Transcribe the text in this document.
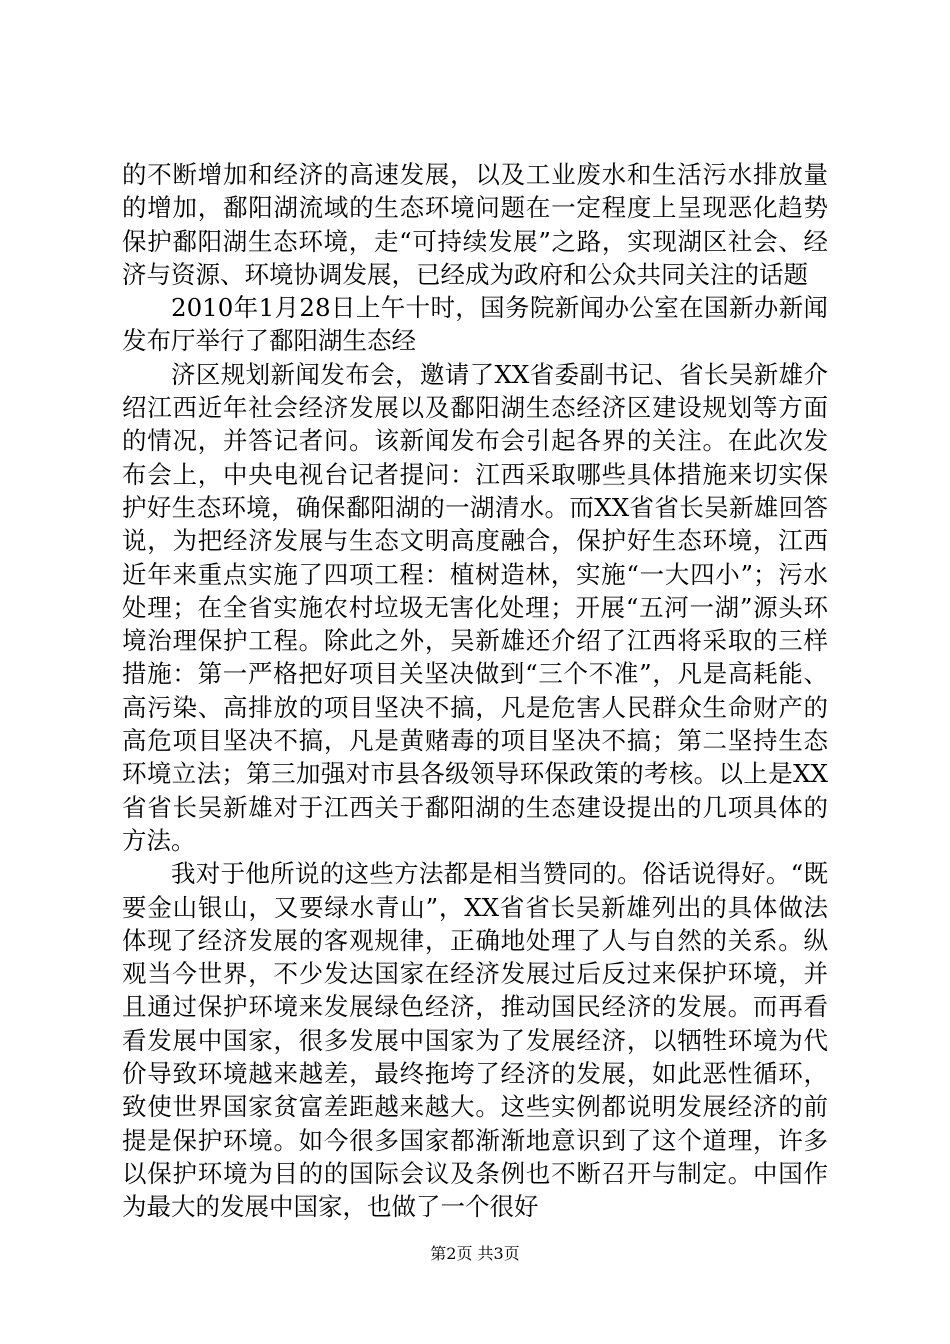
的不断增加和经济的高速发展，以及工业废水和生活污水排放量的增加，鄱阳湖流域的生态环境问题在一定程度上呈现恶化趋势保护鄱阳湖生态环境，走“可持续发展”之路，实现湖区社会、经济与资源、环境协调发展，已经成为政府和公众共同关注的话题

2010年1月28日上午十时，国务院新闻办公室在国新办新闻发布厅举行了鄱阳湖生态经

济区规划新闻发布会，邀请了XX省委副书记、省长吴新雄介绍江西近年社会经济发展以及鄱阳湖生态经济区建设规划等方面的情况，并答记者问。该新闻发布会引起各界的关注。在此次发布会上，中央电视台记者提问：江西采取哪些具体措施来切实保护好生态环境，确保鄱阳湖的一湖清水。而XX省省长吴新雄回答说，为把经济发展与生态文明高度融合，保护好生态环境，江西近年来重点实施了四项工程：植树造林，实施“一大四小”；污水处理；在全省实施农村垃圾无害化处理；开展“五河一湖”源头环境治理保护工程。除此之外，吴新雄还介绍了江西将采取的三样措施：第一严格把好项目关坚决做到“三个不准”，凡是高耗能、高污染、高排放的项目坚决不搞，凡是危害人民群众生命财产的高危项目坚决不搞，凡是黄赌毒的项目坚决不搞；第二坚持生态环境立法；第三加强对市县各级领导环保政策的考核。以上是XX省省长吴新雄对于江西关于鄱阳湖的生态建设提出的几项具体的方法。

我对于他所说的这些方法都是相当赞同的。俗话说得好。“既要金山银山，又要绿水青山”，XX省省长吴新雄列出的具体做法体现了经济发展的客观规律，正确地处理了人与自然的关系。纵观当今世界，不少发达国家在经济发展过后反过来保护环境，并且通过保护环境来发展绿色经济，推动国民经济的发展。而再看看发展中国家，很多发展中国家为了发展经济，以牺牲环境为代价导致环境越来越差，最终拖垮了经济的发展，如此恶性循环，致使世界国家贫富差距越来越大。这些实例都说明发展经济的前提是保护环境。如今很多国家都渐渐地意识到了这个道理，许多以保护环境为目的的国际会议及条例也不断召开与制定。中国作为最大的发展中国家，也做了一个很好

第2页 共3页
